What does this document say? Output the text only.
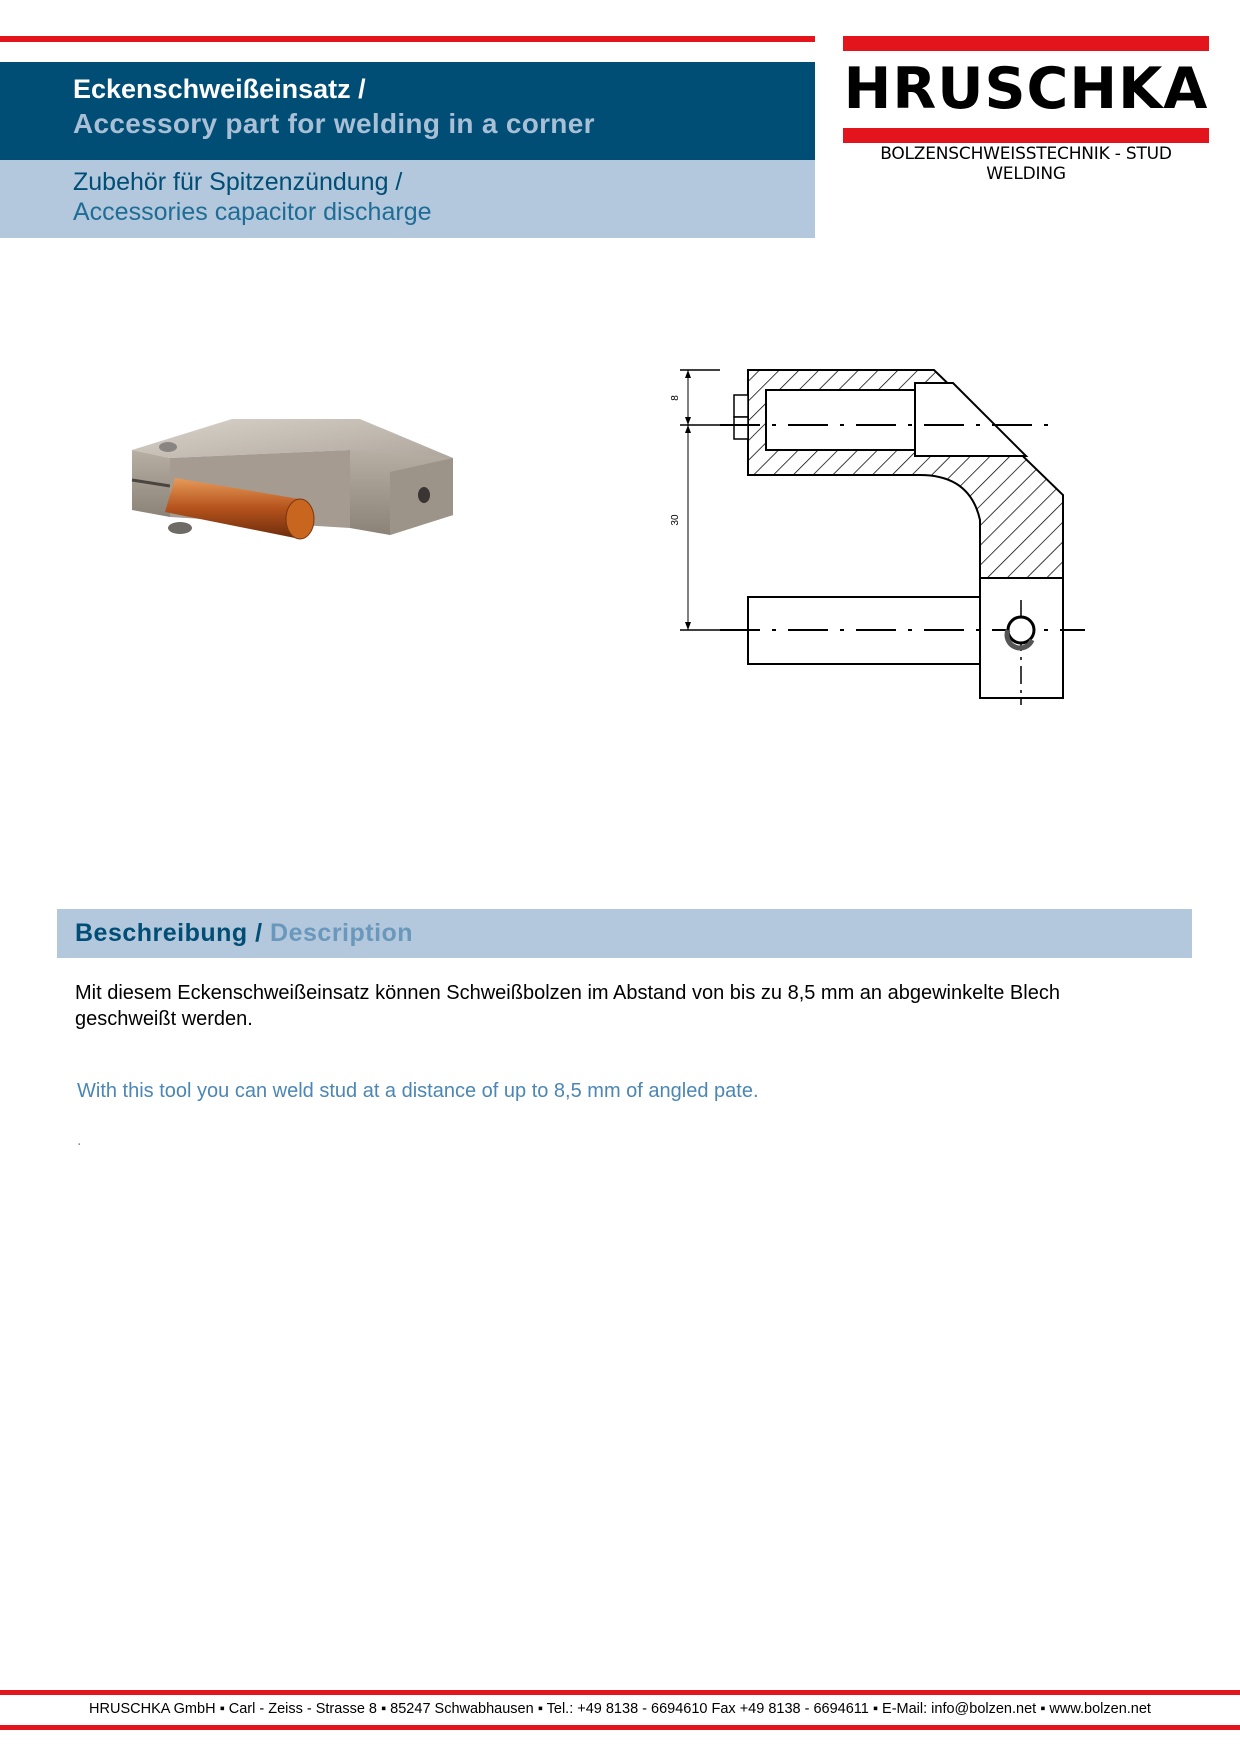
Eckenschweißeinsatz /
Accessory part for welding in a corner
Zubehör für Spitzenzündung /
Accessories capacitor discharge
HRUSCHKA
BOLZENSCHWEISSTECHNIK - STUD WELDING
8
30
Beschreibung / Description
Mit diesem Eckenschweißeinsatz können Schweißbolzen im Abstand von bis zu 8,5 mm an abgewinkelte Blech geschweißt werden.
With this tool you can weld stud at a distance of up to 8,5 mm of angled pate.
.
HRUSCHKA GmbH ▪ Carl - Zeiss - Strasse 8 ▪ 85247 Schwabhausen ▪ Tel.: +49 8138 - 6694610 Fax +49 8138 - 6694611 ▪ E-Mail: info@bolzen.net ▪ www.bolzen.net
